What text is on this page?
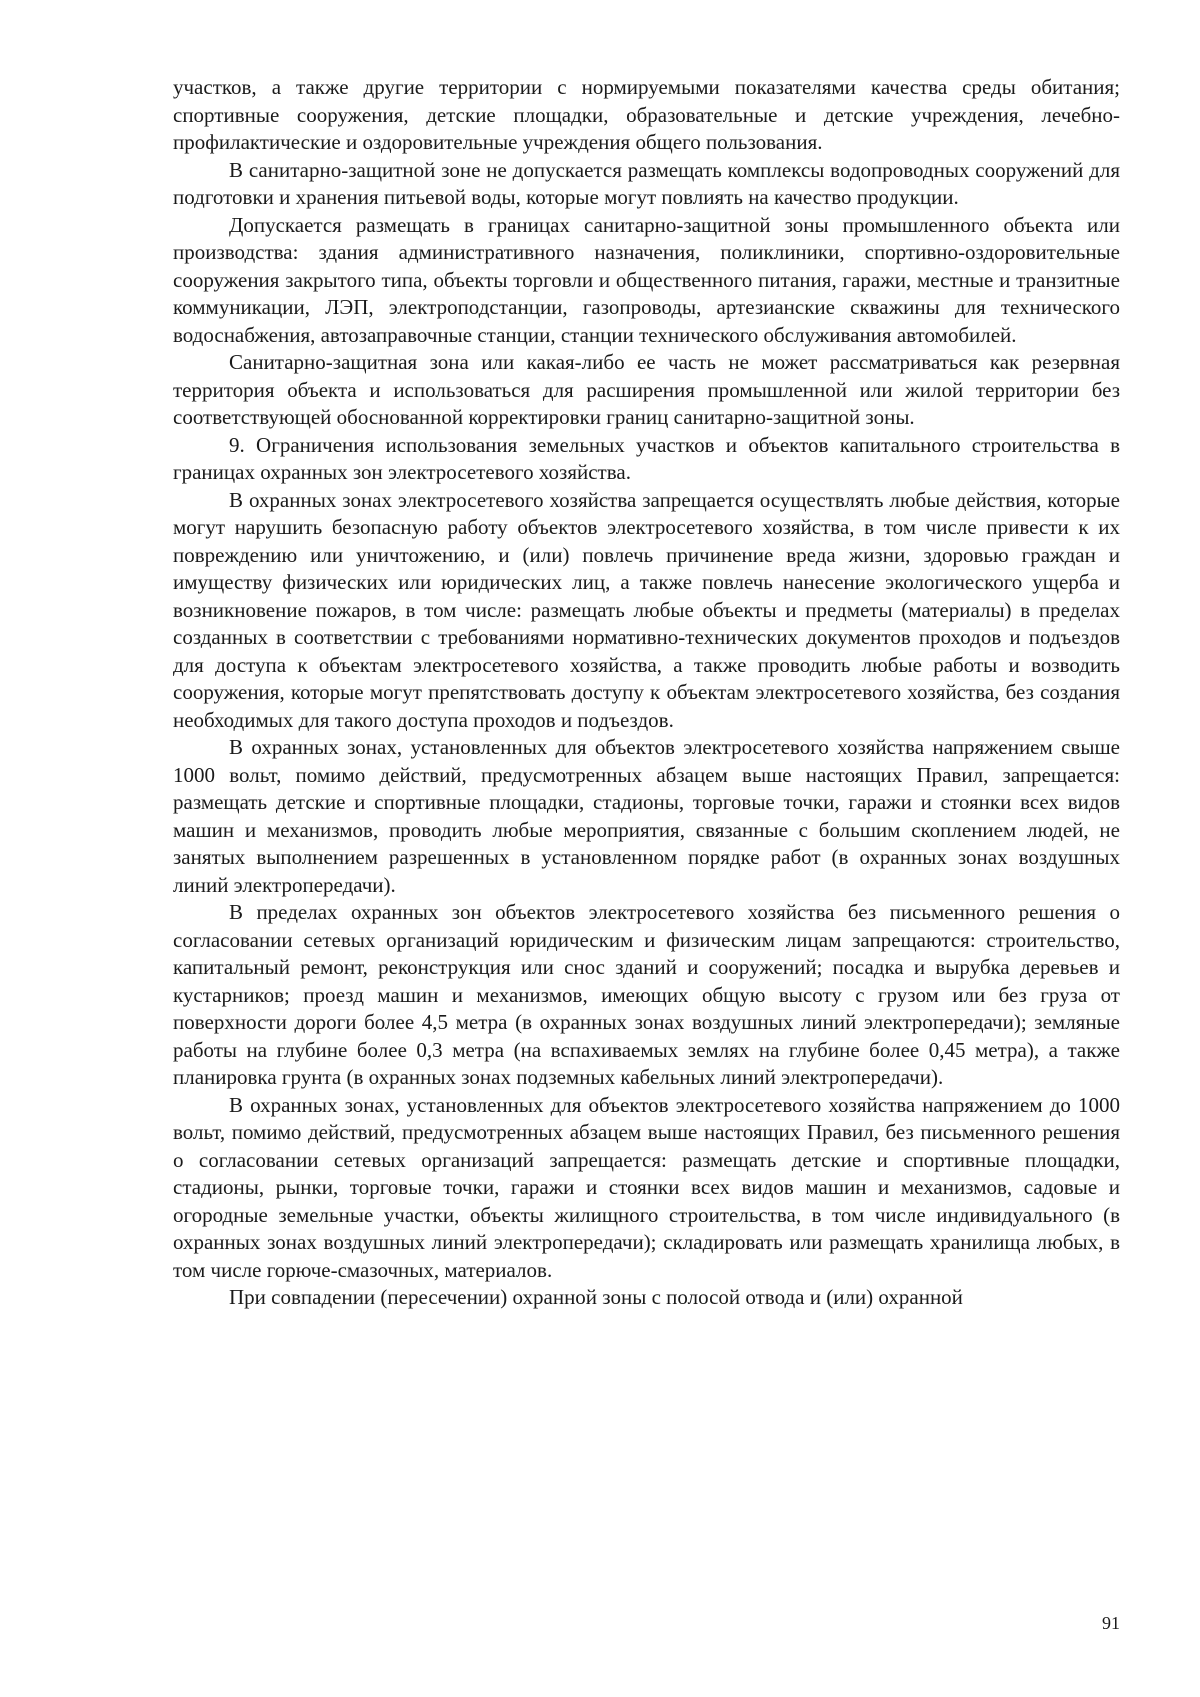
участков, а также другие территории с нормируемыми показателями качества среды обитания; спортивные сооружения, детские площадки, образовательные и детские учреждения, лечебно-профилактические и оздоровительные учреждения общего пользования.

В санитарно-защитной зоне не допускается размещать комплексы водопроводных сооружений для подготовки и хранения питьевой воды, которые могут повлиять на качество продукции.

Допускается размещать в границах санитарно-защитной зоны промышленного объекта или производства: здания административного назначения, поликлиники, спортивно-оздоровительные сооружения закрытого типа, объекты торговли и общественного питания, гаражи, местные и транзитные коммуникации, ЛЭП, электроподстанции, газопроводы, артезианские скважины для технического водоснабжения, автозаправочные станции, станции технического обслуживания автомобилей.

Санитарно-защитная зона или какая-либо ее часть не может рассматриваться как резервная территория объекта и использоваться для расширения промышленной или жилой территории без соответствующей обоснованной корректировки границ санитарно-защитной зоны.

9. Ограничения использования земельных участков и объектов капитального строительства в границах охранных зон электросетевого хозяйства.

В охранных зонах электросетевого хозяйства запрещается осуществлять любые действия, которые могут нарушить безопасную работу объектов электросетевого хозяйства, в том числе привести к их повреждению или уничтожению, и (или) повлечь причинение вреда жизни, здоровью граждан и имуществу физических или юридических лиц, а также повлечь нанесение экологического ущерба и возникновение пожаров, в том числе: размещать любые объекты и предметы (материалы) в пределах созданных в соответствии с требованиями нормативно-технических документов проходов и подъездов для доступа к объектам электросетевого хозяйства, а также проводить любые работы и возводить сооружения, которые могут препятствовать доступу к объектам электросетевого хозяйства, без создания необходимых для такого доступа проходов и подъездов.

В охранных зонах, установленных для объектов электросетевого хозяйства напряжением свыше 1000 вольт, помимо действий, предусмотренных абзацем выше настоящих Правил, запрещается: размещать детские и спортивные площадки, стадионы, торговые точки, гаражи и стоянки всех видов машин и механизмов, проводить любые мероприятия, связанные с большим скоплением людей, не занятых выполнением разрешенных в установленном порядке работ (в охранных зонах воздушных линий электропередачи).

В пределах охранных зон объектов электросетевого хозяйства без письменного решения о согласовании сетевых организаций юридическим и физическим лицам запрещаются: строительство, капитальный ремонт, реконструкция или снос зданий и сооружений; посадка и вырубка деревьев и кустарников; проезд машин и механизмов, имеющих общую высоту с грузом или без груза от поверхности дороги более 4,5 метра (в охранных зонах воздушных линий электропередачи); земляные работы на глубине более 0,3 метра (на вспахиваемых землях на глубине более 0,45 метра), а также планировка грунта (в охранных зонах подземных кабельных линий электропередачи).

В охранных зонах, установленных для объектов электросетевого хозяйства напряжением до 1000 вольт, помимо действий, предусмотренных абзацем выше настоящих Правил, без письменного решения о согласовании сетевых организаций запрещается: размещать детские и спортивные площадки, стадионы, рынки, торговые точки, гаражи и стоянки всех видов машин и механизмов, садовые и огородные земельные участки, объекты жилищного строительства, в том числе индивидуального (в охранных зонах воздушных линий электропередачи); складировать или размещать хранилища любых, в том числе горюче-смазочных, материалов.

При совпадении (пересечении) охранной зоны с полосой отвода и (или) охранной

91
